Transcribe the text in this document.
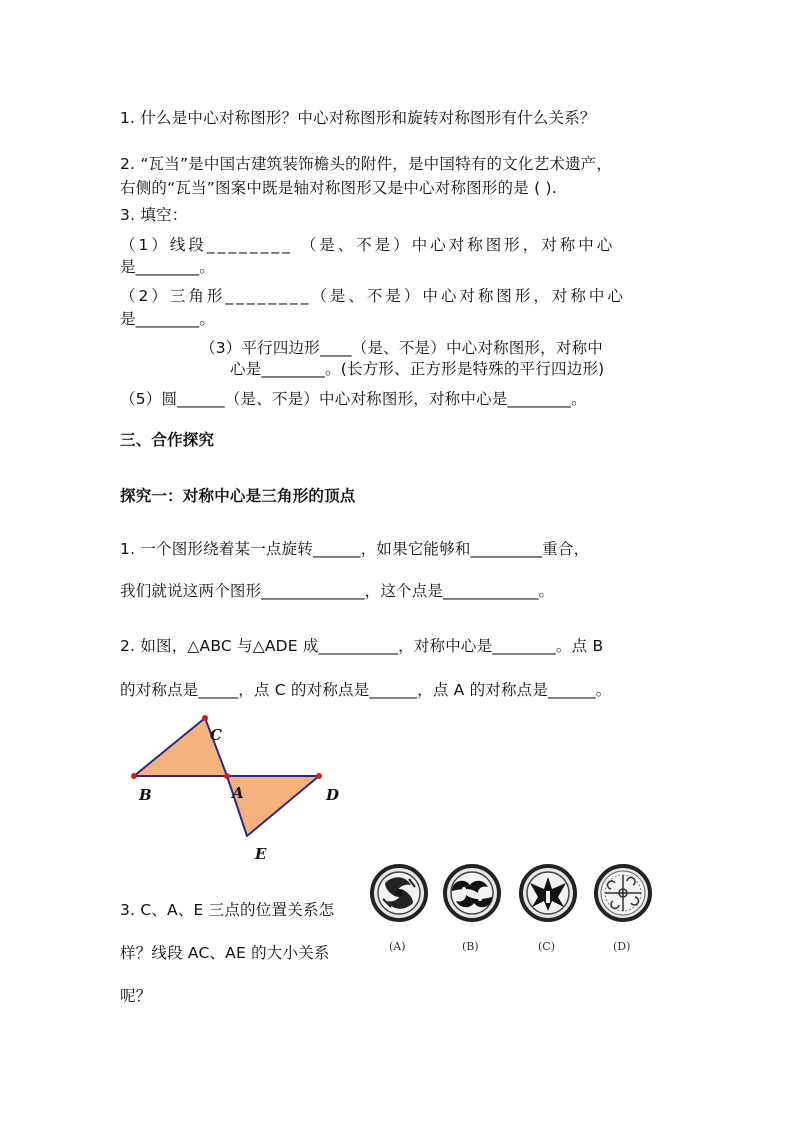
1. 什么是中心对称图形？中心对称图形和旋转对称图形有什么关系？
2. “瓦当”是中国古建筑装饰檐头的附件，是中国特有的文化艺术遗产，
右侧的“瓦当”图案中既是轴对称图形又是中心对称图形的是 ( ).
3. 填空：
（1）线段________ （是、不是）中心对称图形，对称中心
是________。
（2）三角形________（是、不是）中心对称图形，对称中心
是________。
（3）平行四边形____（是、不是）中心对称图形，对称中
心是________。(长方形、正方形是特殊的平行四边形)
（5）圆______（是、不是）中心对称图形，对称中心是________。
三、合作探究
探究一：对称中心是三角形的顶点
1. 一个图形绕着某一点旋转______，如果它能够和_________重合，
我们就说这两个图形_____________，这个点是____________。
2. 如图，△ABC 与△ADE 成__________，对称中心是________。点 B
的对称点是_____，点 C 的对称点是______，点 A 的对称点是______。
C
B	A	D
E
3. C、A、E 三点的位置关系怎
样？线段 AC、AE 的大小关系
呢？
(A)	(B)	(C)	(D)
